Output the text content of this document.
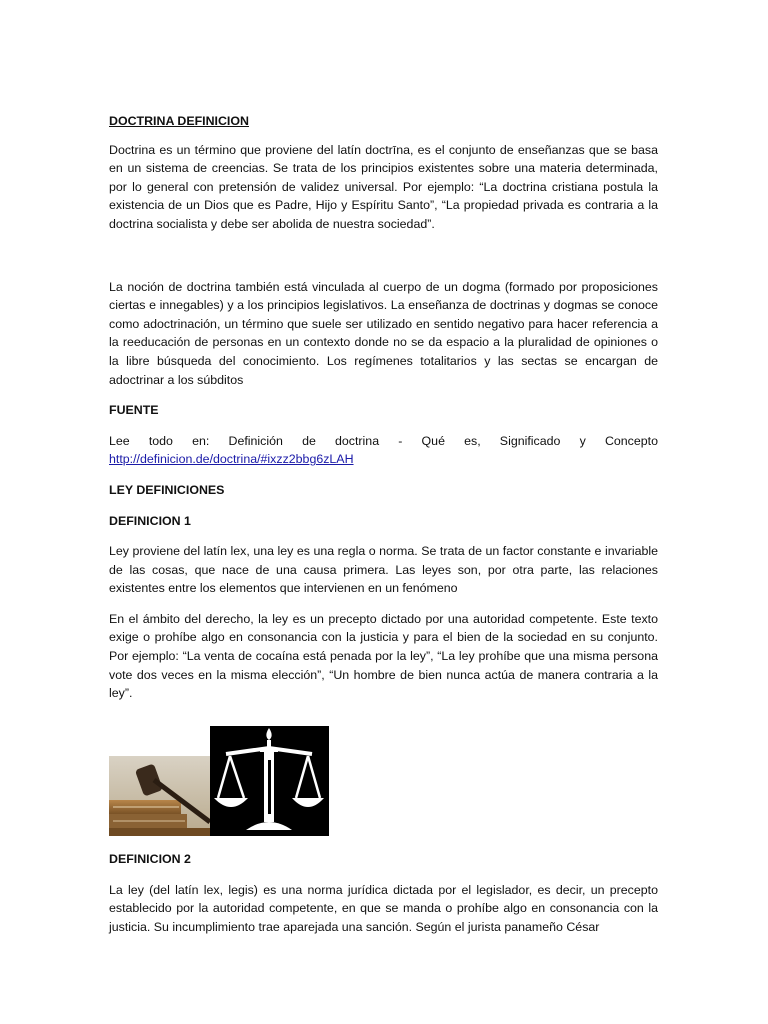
DOCTRINA DEFINICION

Doctrina es un término que proviene del latín doctrīna, es el conjunto de enseñanzas que se basa en un sistema de creencias. Se trata de los principios existentes sobre una materia determinada, por lo general con pretensión de validez universal. Por ejemplo: “La doctrina cristiana postula la existencia de un Dios que es Padre, Hijo y Espíritu Santo”, “La propiedad privada es contraria a la doctrina socialista y debe ser abolida de nuestra sociedad”.

La noción de doctrina también está vinculada al cuerpo de un dogma (formado por proposiciones ciertas e innegables) y a los principios legislativos. La enseñanza de doctrinas y dogmas se conoce como adoctrinación, un término que suele ser utilizado en sentido negativo para hacer referencia a la reeducación de personas en un contexto donde no se da espacio a la pluralidad de opiniones o la libre búsqueda del conocimiento. Los regímenes totalitarios y las sectas se encargan de adoctrinar a los súbditos

FUENTE

Lee todo en: Definición de doctrina - Qué es, Significado y Concepto

http://definicion.de/doctrina/#ixzz2bbg6zLAH

LEY DEFINICIONES

DEFINICION 1

Ley proviene del latín lex, una ley es una regla o norma. Se trata de un factor constante e invariable de las cosas, que nace de una causa primera. Las leyes son, por otra parte, las relaciones existentes entre los elementos que intervienen en un fenómeno

En el ámbito del derecho, la ley es un precepto dictado por una autoridad competente. Este texto exige o prohíbe algo en consonancia con la justicia y para el bien de la sociedad en su conjunto. Por ejemplo: “La venta de cocaína está penada por la ley”, “La ley prohíbe que una misma persona vote dos veces en la misma elección”, “Un hombre de bien nunca actúa de manera contraria a la ley”.

DEFINICION 2

La ley (del latín lex, legis) es una norma jurídica dictada por el legislador, es decir, un precepto establecido por la autoridad competente, en que se manda o prohíbe algo en consonancia con la justicia. Su incumplimiento trae aparejada una sanción. Según el jurista panameño César
